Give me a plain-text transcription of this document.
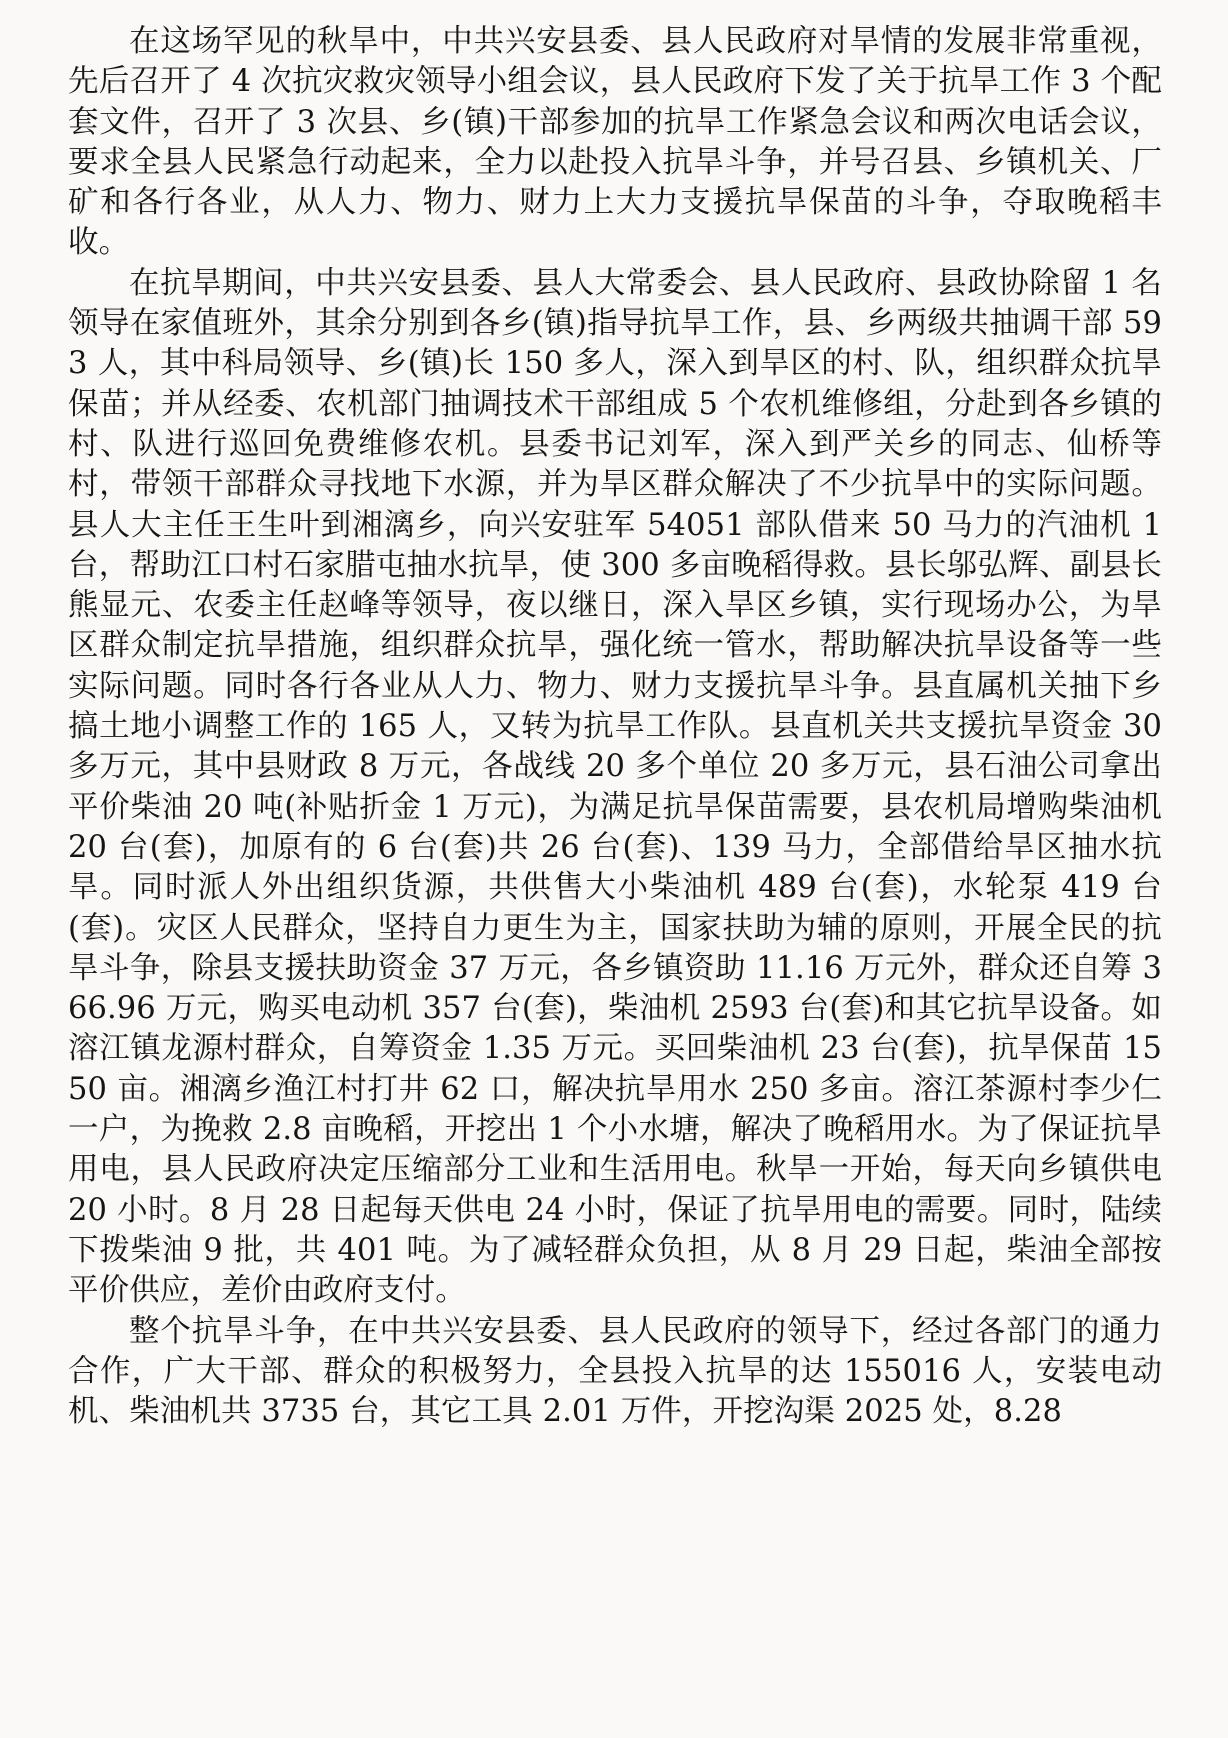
在这场罕见的秋旱中，中共兴安县委、县人民政府对旱情的发展非常重视，先后召开了 4 次抗灾救灾领导小组会议，县人民政府下发了关于抗旱工作 3 个配套文件，召开了 3 次县、乡(镇)干部参加的抗旱工作紧急会议和两次电话会议，要求全县人民紧急行动起来，全力以赴投入抗旱斗争，并号召县、乡镇机关、厂矿和各行各业，从人力、物力、财力上大力支援抗旱保苗的斗争，夺取晚稻丰收。

在抗旱期间，中共兴安县委、县人大常委会、县人民政府、县政协除留 1 名领导在家值班外，其余分别到各乡(镇)指导抗旱工作，县、乡两级共抽调干部 593 人，其中科局领导、乡(镇)长 150 多人，深入到旱区的村、队，组织群众抗旱保苗；并从经委、农机部门抽调技术干部组成 5 个农机维修组，分赴到各乡镇的村、队进行巡回免费维修农机。县委书记刘军，深入到严关乡的同志、仙桥等村，带领干部群众寻找地下水源，并为旱区群众解决了不少抗旱中的实际问题。县人大主任王生叶到湘漓乡，向兴安驻军 54051 部队借来 50 马力的汽油机 1 台，帮助江口村石家腊屯抽水抗旱，使 300 多亩晚稻得救。县长邬弘辉、副县长熊显元、农委主任赵峰等领导，夜以继日，深入旱区乡镇，实行现场办公，为旱区群众制定抗旱措施，组织群众抗旱，强化统一管水，帮助解决抗旱设备等一些实际问题。同时各行各业从人力、物力、财力支援抗旱斗争。县直属机关抽下乡搞土地小调整工作的 165 人，又转为抗旱工作队。县直机关共支援抗旱资金 30 多万元，其中县财政 8 万元，各战线 20 多个单位 20 多万元，县石油公司拿出平价柴油 20 吨(补贴折金 1 万元)，为满足抗旱保苗需要，县农机局增购柴油机 20 台(套)，加原有的 6 台(套)共 26 台(套)、139 马力，全部借给旱区抽水抗旱。同时派人外出组织货源，共供售大小柴油机 489 台(套)，水轮泵 419 台(套)。灾区人民群众，坚持自力更生为主，国家扶助为辅的原则，开展全民的抗旱斗争，除县支援扶助资金 37 万元，各乡镇资助 11.16 万元外，群众还自筹 366.96 万元，购买电动机 357 台(套)，柴油机 2593 台(套)和其它抗旱设备。如溶江镇龙源村群众，自筹资金 1.35 万元。买回柴油机 23 台(套)，抗旱保苗 1550 亩。湘漓乡渔江村打井 62 口，解决抗旱用水 250 多亩。溶江茶源村李少仁一户，为挽救 2.8 亩晚稻，开挖出 1 个小水塘，解决了晚稻用水。为了保证抗旱用电，县人民政府决定压缩部分工业和生活用电。秋旱一开始，每天向乡镇供电 20 小时。8 月 28 日起每天供电 24 小时，保证了抗旱用电的需要。同时，陆续下拨柴油 9 批，共 401 吨。为了减轻群众负担，从 8 月 29 日起，柴油全部按平价供应，差价由政府支付。

整个抗旱斗争，在中共兴安县委、县人民政府的领导下，经过各部门的通力合作，广大干部、群众的积极努力，全县投入抗旱的达 155016 人，安装电动机、柴油机共 3735 台，其它工具 2.01 万件，开挖沟渠 2025 处，8.28
